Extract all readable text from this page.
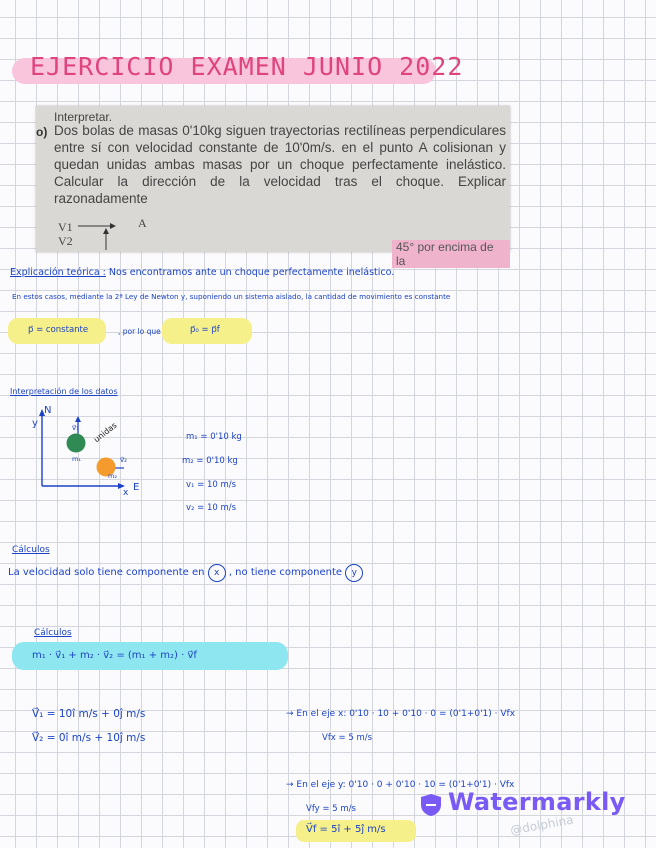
EJERCICIO EXAMEN JUNIO 2022
Interpretar.
o) Dos bolas de masas 0'10kg siguen trayectorias rectilíneas perpendiculares entre sí con velocidad constante de 10'0m/s. en el punto A colisionan y quedan unidas ambas masas por un choque perfectamente inelástico. Calcular la dirección de la velocidad tras el choque. Explicar razonadamente
V1
V2
A
45° por encima de la
Explicación teórica : Nos encontramos ante un choque perfectamente inelástico.
En estos casos, mediante la 2ª Ley de Newton y, suponiendo un sistema aislado, la cantidad de movimiento es constante
p⃗ = constante	, por lo que	p⃗₀ = p⃗f
Interpretación de los datos
y
N
x E
v⃗₁
v⃗₂
m₁
m₂
unidas	m₁ = 0'10 kg
m₂ = 0'10 kg
v₁ = 10 m/s
v₂ = 10 m/s
Cálculos
La velocidad solo tiene componente en x , no tiene componente y
Cálculos
m₁ · v⃗₁ + m₂ · v⃗₂ = (m₁ + m₂) · v⃗f
V⃗₁ = 10î m/s + 0ĵ m/s
V⃗₂ = 0î m/s + 10ĵ m/s
→ En el eje x: 0'10 · 10 + 0'10 · 0 = (0'1+0'1) · Vfx
Vfx = 5 m/s
→ En el eje y: 0'10 · 0 + 0'10 · 10 = (0'1+0'1) · Vfx
Vfy = 5 m/s
V⃗f = 5î + 5ĵ m/s
Watermarkly
@dolphina
